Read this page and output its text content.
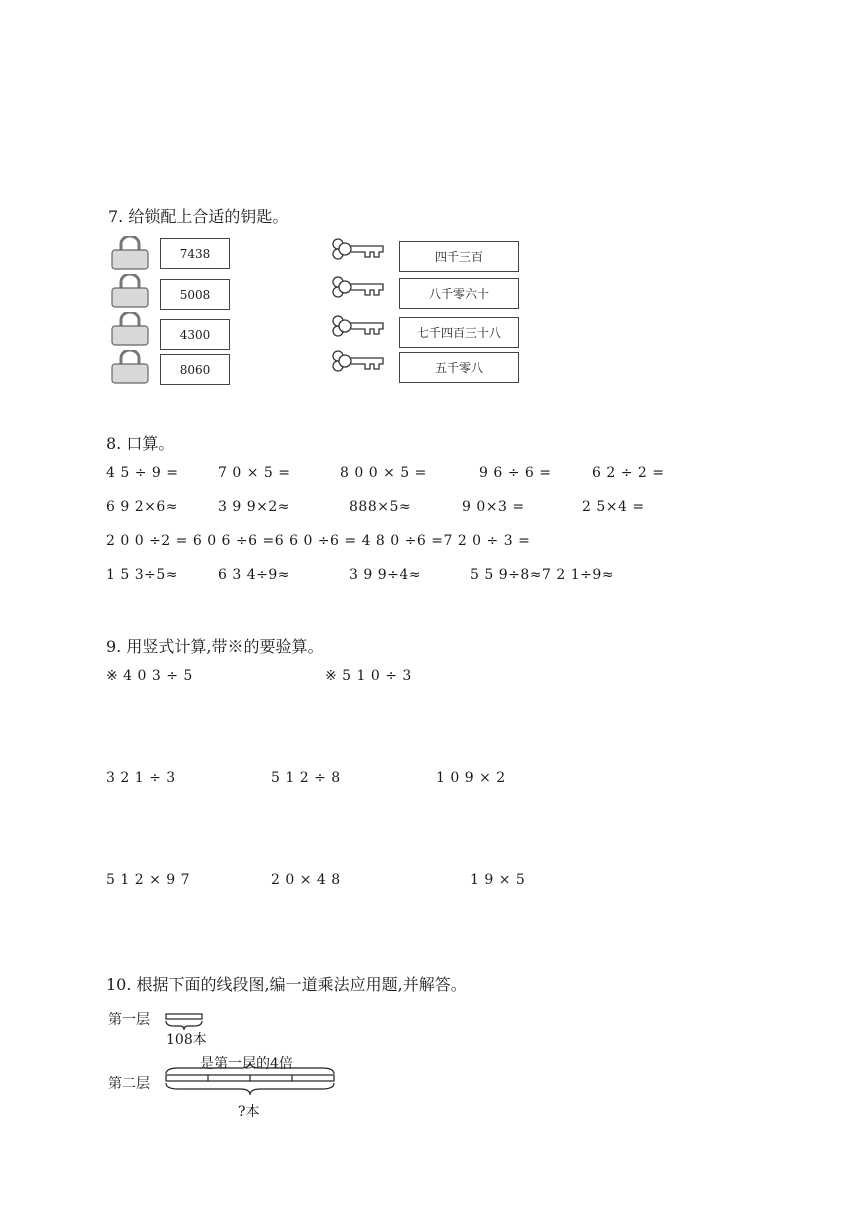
7. 给锁配上合适的钥匙。
7438
5008
4300
8060
四千三百
八千零六十
七千四百三十八
五千零八
8. 口算。
4 5 ÷ 9 =	7 0 × 5 =	8 0 0 × 5 =	9 6 ÷ 6 =	6 2 ÷ 2 =
6 9 2×6≈	3 9 9×2≈	888×5≈	9 0×3 =	2 5×4 =
2 0 0 ÷2 = 6 0 6 ÷6 =6 6 0 ÷6 = 4 8 0 ÷6 =7 2 0 ÷ 3 =
1 5 3÷5≈	6 3 4÷9≈	3 9 9÷4≈	5 5 9÷8≈7 2 1÷9≈
9. 用竖式计算,带※的要验算。
※ 4 0 3 ÷ 5	※ 5 1 0 ÷ 3
3 2 1 ÷ 3	5 1 2 ÷ 8	1 0 9 × 2
5 1 2 × 9 7	2 0 × 4 8	1 9 × 5
10. 根据下面的线段图,编一道乘法应用题,并解答。
第一层
108本
是第一层的4倍
第二层
?本
